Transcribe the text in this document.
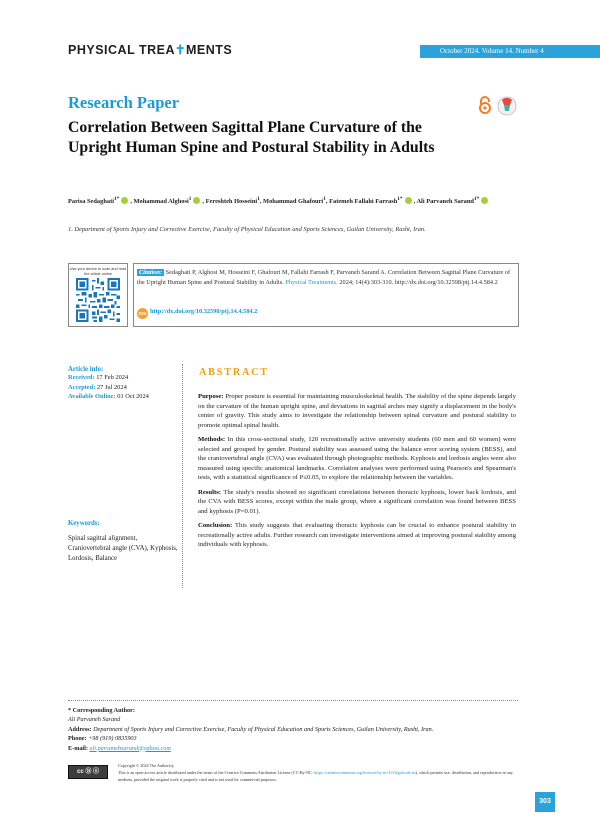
PHYSICAL TREA✝MENTS	October 2024. Volume 14. Number 4
Research Paper
Correlation Between Sagittal Plane Curvature of the Upright Human Spine and Postural Stability in Adults
Parisa Sedaghati$^{1*}$ , Mohammad Alghosi$^1$ , Fereshteh Hosseini$^1$, Mohammad Ghafouri$^1$, Fatemeh Fallahi Farrash$^{1*}$ , Ali Parvaneh Sarand$^{1*}$
1. Department of Sports Injury and Corrective Exercise, Faculty of Physical Education and Sports Sciences, Guilan University, Rasht, Iran.
Use your device to scan and read the article online	Citation: Sedaghati P, Alghosi M, Hosseini F, Ghafouri M, Fallahi Farrash F, Parvaneh Sarand A. Correlation Between Sagittal Plane Curvature of the Upright Human Spine and Postural Stability in Adults. Physical Treatments. 2024; 14(4):303-310. http://dx.doi.org/10.32598/ptj.14.4.584.2
DOI http://dx.doi.org/10.32598/ptj.14.4.584.2
Article info:
Received: 17 Feb 2024
Accepted: 27 Jul 2024
Available Online: 01 Oct 2024
Keywords:
Spinal sagittal alignment, Craniovertebral angle (CVA), Kyphosis, Lordosis, Balance
ABSTRACT

Purpose: Proper posture is essential for maintaining musculoskeletal health. The stability of the spine depends largely on the curvature of the human upright spine, and deviations in sagittal arches may signify a displacement in the body's center of gravity. This study aims to investigate the relationship between spinal curvature and postural stability to promote optimal spinal health.

Methods: In this cross-sectional study, 120 recreationally active university students (60 men and 60 women) were selected and grouped by gender. Postural stability was assessed using the balance error scoring system (BESS), and the craniovertebral angle (CVA) was evaluated through photographic methods. Kyphosis and lordosis angles were also measured using specific anatomical landmarks. Correlation analyses were performed using Pearson's and Spearman's tests, with a statistical significance of P≤0.05, to explore the relationship between the variables.

Results: The study's results showed no significant correlations between thoracic kyphosis, lower back lordosis, and the CVA with BESS scores, except within the male group, where a significant correlation was found between BESS and kyphosis (P=0.01).

Conclusion: This study suggests that evaluating thoracic kyphosis can be crucial to enhance postural stability in recreationally active adults. Further research can investigate interventions aimed at improving postural stability among individuals with kyphosis.

* Corresponding Author:
Ali Parvaneh Sarand
Address: Department of Sports Injury and Corrective Exercise, Faculty of Physical Education and Sports Sciences, Guilan University, Rasht, Iran.
Phone: +98 (919) 0835903
E-mail: ali.parvanehsarand@yahoo.com
cc Ⓑ Ⓢ
Copyright © 2024 The Author(s);
This is an open access article distributed under the terms of the Creative Commons Attribution License (CC-By-NC: https://creativecommons.org/licenses/by-nc/4.0/legalcode.en), which permits use, distribution, and reproduction in any medium, provided the original work is properly cited and is not used for commercial purposes.
303
